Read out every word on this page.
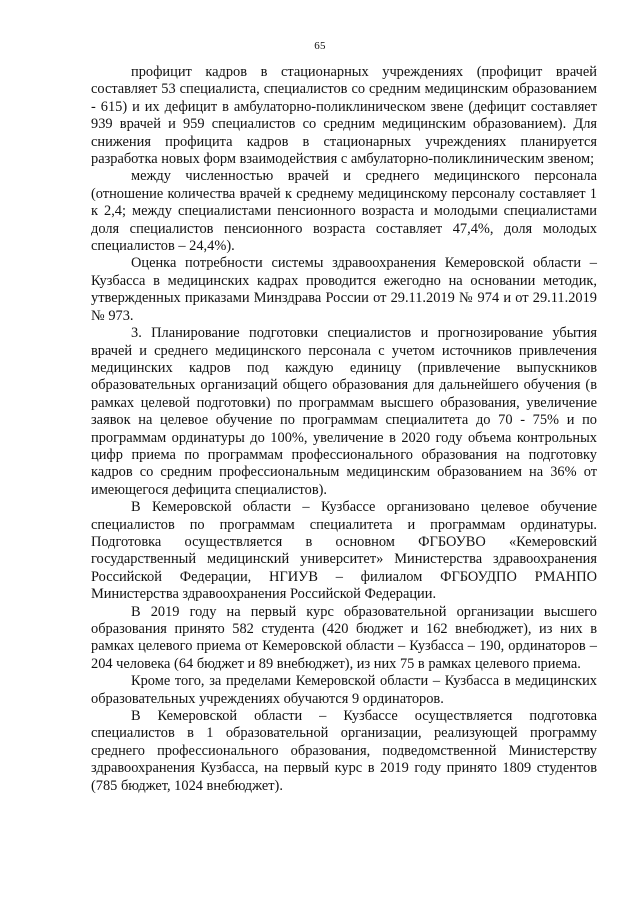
65

профицит кадров в стационарных учреждениях (профицит врачей составляет 53 специалиста, специалистов со средним медицинским образованием - 615) и их дефицит в амбулаторно-поликлиническом звене (дефицит составляет 939 врачей и 959 специалистов со средним медицинским образованием). Для снижения профицита кадров в стационарных учреждениях планируется разработка новых форм взаимодействия с амбулаторно-поликлиническим звеном;

между численностью врачей и среднего медицинского персонала (отношение количества врачей к среднему медицинскому персоналу составляет 1 к 2,4; между специалистами пенсионного возраста и молодыми специалистами доля специалистов пенсионного возраста составляет 47,4%, доля молодых специалистов – 24,4%).

Оценка потребности системы здравоохранения Кемеровской области – Кузбасса в медицинских кадрах проводится ежегодно на основании методик, утвержденных приказами Минздрава России от 29.11.2019 № 974 и от 29.11.2019 № 973.

3. Планирование подготовки специалистов и прогнозирование убытия врачей и среднего медицинского персонала с учетом источников привлечения медицинских кадров под каждую единицу (привлечение выпускников образовательных организаций общего образования для дальнейшего обучения (в рамках целевой подготовки) по программам высшего образования, увеличение заявок на целевое обучение по программам специалитета до 70 - 75% и по программам ординатуры до 100%, увеличение в 2020 году объема контрольных цифр приема по программам профессионального образования на подготовку кадров со средним профессиональным медицинским образованием на 36% от имеющегося дефицита специалистов).

В Кемеровской области – Кузбассе организовано целевое обучение специалистов по программам специалитета и программам ординатуры. Подготовка осуществляется в основном ФГБОУВО «Кемеровский государственный медицинский университет» Министерства здравоохранения Российской Федерации, НГИУВ – филиалом ФГБОУДПО РМАНПО Министерства здравоохранения Российской Федерации.

В 2019 году на первый курс образовательной организации высшего образования принято 582 студента (420 бюджет и 162 внебюджет), из них в рамках целевого приема от Кемеровской области – Кузбасса – 190, ординаторов – 204 человека (64 бюджет и 89 внебюджет), из них 75 в рамках целевого приема.

Кроме того, за пределами Кемеровской области – Кузбасса в медицинских образовательных учреждениях обучаются 9 ординаторов.

В Кемеровской области – Кузбассе осуществляется подготовка специалистов в 1 образовательной организации, реализующей программу среднего профессионального образования, подведомственной Министерству здравоохранения Кузбасса, на первый курс в 2019 году принято 1809 студентов (785 бюджет, 1024 внебюджет).
